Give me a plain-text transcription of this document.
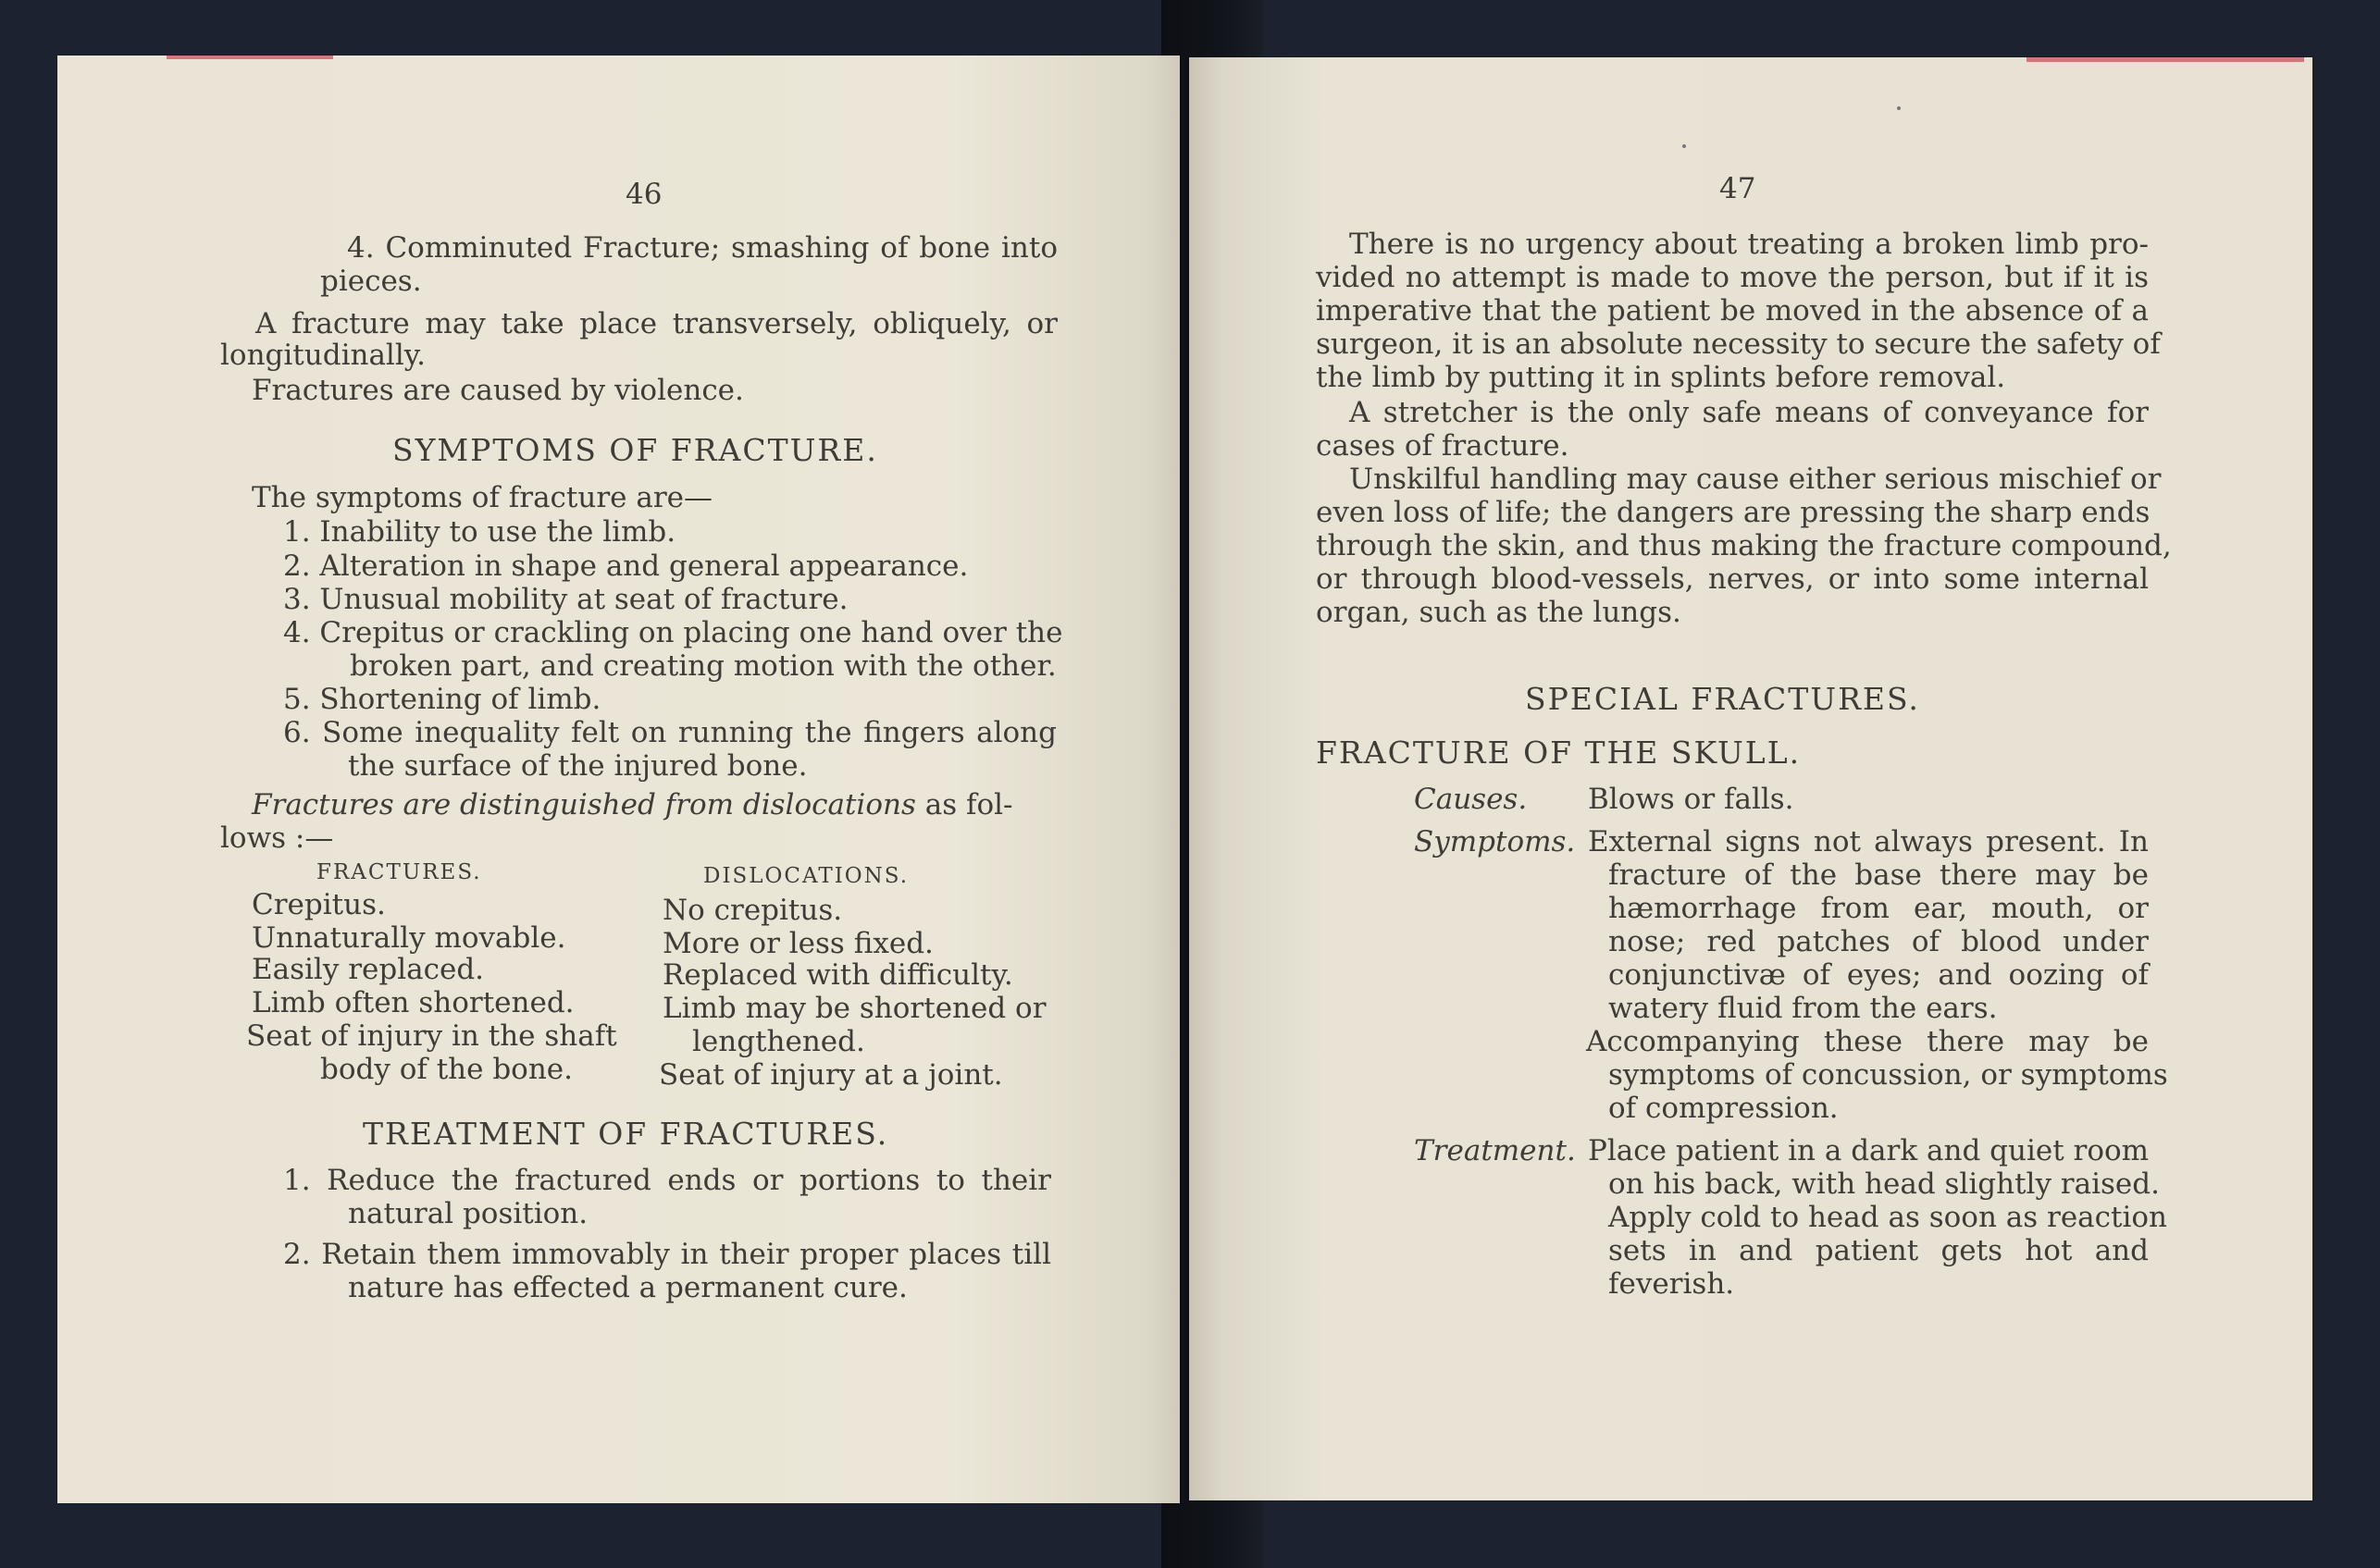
46
4. Comminuted Fracture; smashing of bone into
pieces.
A fracture may take place transversely, obliquely, or
longitudinally.
Fractures are caused by violence.
SYMPTOMS OF FRACTURE.
The symptoms of fracture are—
1. Inability to use the limb.
2. Alteration in shape and general appearance.
3. Unusual mobility at seat of fracture.
4. Crepitus or crackling on placing one hand over the
broken part, and creating motion with the other.
5. Shortening of limb.
6. Some inequality felt on running the fingers along
the surface of the injured bone.
Fractures are distinguished from dislocations as fol-
lows :—
FRACTURES.	DISLOCATIONS.
Crepitus.
Unnaturally movable.
Easily replaced.
Limb often shortened.
Seat of injury in the shaft
body of the bone.
No crepitus.
More or less fixed.
Replaced with difficulty.
Limb may be shortened or
lengthened.
Seat of injury at a joint.
TREATMENT OF FRACTURES.
1. Reduce the fractured ends or portions to their
natural position.
2. Retain them immovably in their proper places till
nature has effected a permanent cure.
47
There is no urgency about treating a broken limb pro-
vided no attempt is made to move the person, but if it is
imperative that the patient be moved in the absence of a
surgeon, it is an absolute necessity to secure the safety of
the limb by putting it in splints before removal.
A stretcher is the only safe means of conveyance for
cases of fracture.
Unskilful handling may cause either serious mischief or
even loss of life; the dangers are pressing the sharp ends
through the skin, and thus making the fracture compound,
or through blood-vessels, nerves, or into some internal
organ, such as the lungs.
SPECIAL FRACTURES.
FRACTURE OF THE SKULL.
Causes. Blows or falls.
Symptoms. External signs not always present. In
fracture of the base there may be
hæmorrhage from ear, mouth, or
nose; red patches of blood under
conjunctivæ of eyes; and oozing of
watery fluid from the ears.
Accompanying these there may be
symptoms of concussion, or symptoms
of compression.
Treatment. Place patient in a dark and quiet room
on his back, with head slightly raised.
Apply cold to head as soon as reaction
sets in and patient gets hot and
feverish.
